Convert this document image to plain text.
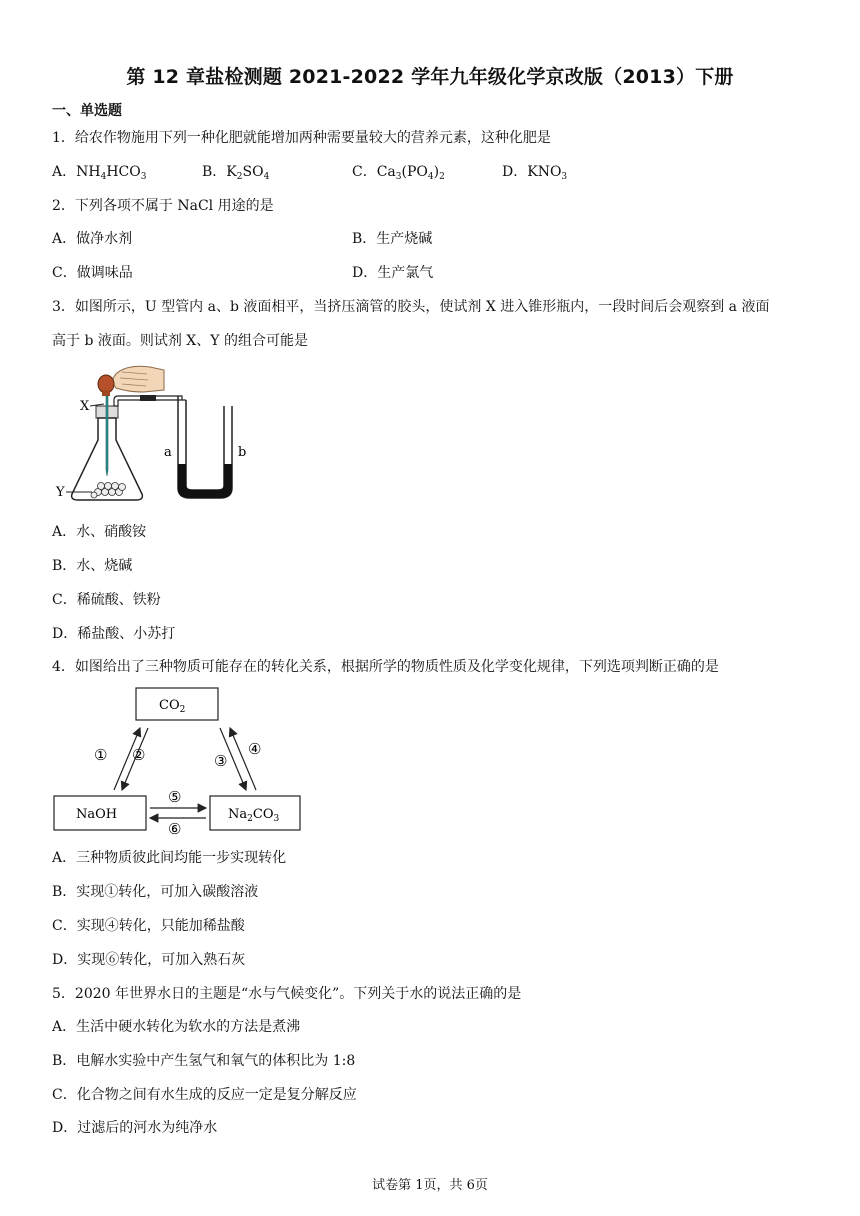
第 12 章盐检测题 2021-2022 学年九年级化学京改版（2013）下册
一、单选题
1．给农作物施用下列一种化肥就能增加两种需要量较大的营养元素，这种化肥是
A．$NH_4HCO_3$	B．$K_2SO_4$	C．$Ca_3(PO_4)_2$	D．$KNO_3$
2．下列各项不属于 NaCl 用途的是
A．做净水剂	B．生产烧碱
C．做调味品	D．生产氯气
3．如图所示，U 型管内 a、b 液面相平，当挤压滴管的胶头，使试剂 X 进入锥形瓶内，一段时间后会观察到 a 液面
高于 b 液面。则试剂 X、Y 的组合可能是
X
a	b
Y
A．水、硝酸铵
B．水、烧碱
C．稀硫酸、铁粉
D．稀盐酸、小苏打
4．如图给出了三种物质可能存在的转化关系，根据所学的物质性质及化学变化规律，下列选项判断正确的是
$CO_2$
NaOH	$Na_2CO_3$
① ②	③
④
⑤
⑥
A．三种物质彼此间均能一步实现转化
B．实现①转化，可加入碳酸溶液
C．实现④转化，只能加稀盐酸
D．实现⑥转化，可加入熟石灰
5．2020 年世界水日的主题是“水与气候变化”。下列关于水的说法正确的是
A．生活中硬水转化为软水的方法是煮沸
B．电解水实验中产生氢气和氧气的体积比为 1:8
C．化合物之间有水生成的反应一定是复分解反应
D．过滤后的河水为纯净水
试卷第 1页，共 6页
